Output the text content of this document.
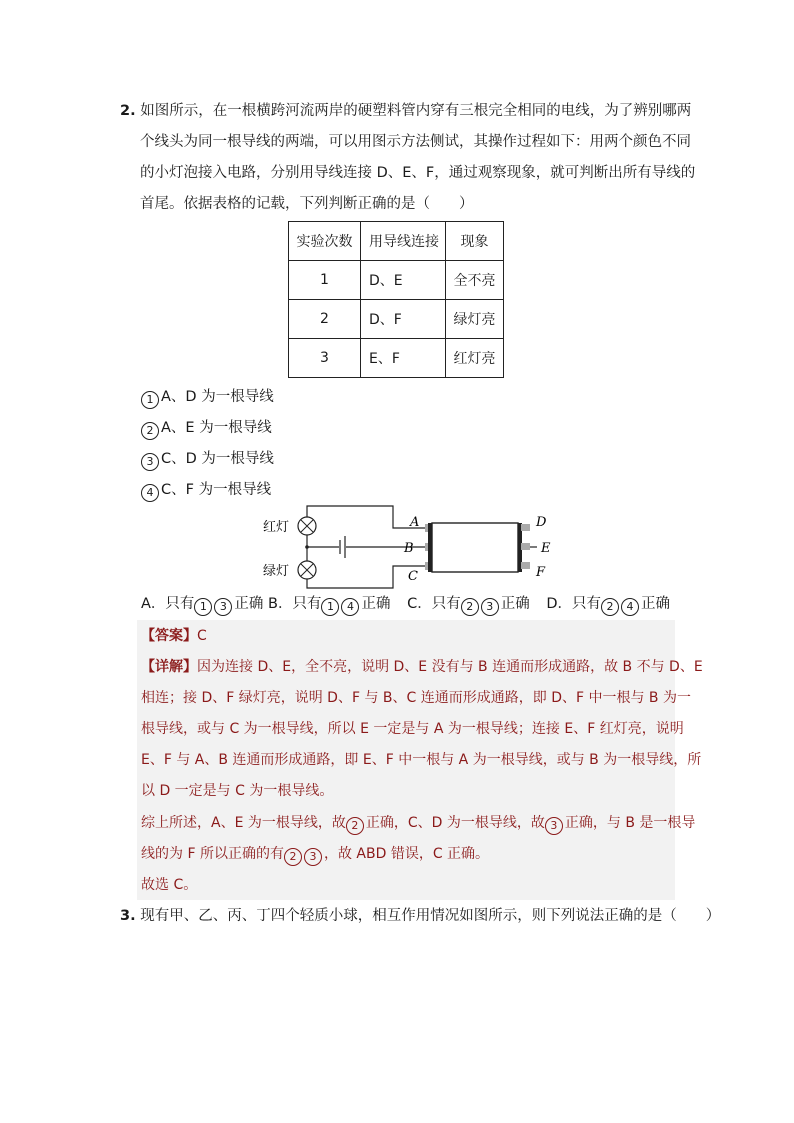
2. 如图所示，在一根横跨河流两岸的硬塑料管内穿有三根完全相同的电线，为了辨别哪两
个线头为同一根导线的两端，可以用图示方法侧试，其操作过程如下：用两个颜色不同
的小灯泡接入电路，分别用导线连接 D、E、F，通过观察现象，就可判断出所有导线的
首尾。依据表格的记载，下列判断正确的是（　　）
实验次数	用导线连接	现象
1	D、E	全不亮
2	D、F	绿灯亮
3	E、F	红灯亮
1 A、D 为一根导线
2 A、E 为一根导线
3 C、D 为一根导线
4 C、F 为一根导线
红灯
绿灯
A
B
C
D
E
F
A．只有 1 3 正确 B．只有 1 4 正确 C．只有 2 3 正确 D．只有 2 4 正确
【答案】C
【详解】因为连接 D、E，全不亮，说明 D、E 没有与 B 连通而形成通路，故 B 不与 D、E
相连；接 D、F 绿灯亮，说明 D、F 与 B、C 连通而形成通路，即 D、F 中一根与 B 为一
根导线，或与 C 为一根导线，所以 E 一定是与 A 为一根导线；连接 E、F 红灯亮，说明
E、F 与 A、B 连通而形成通路，即 E、F 中一根与 A 为一根导线，或与 B 为一根导线，所
以 D 一定是与 C 为一根导线。
综上所述，A、E 为一根导线，故 2 正确，C、D 为一根导线，故 3 正确，与 B 是一根导
线的为 F 所以正确的有 2 3 ，故 ABD 错误，C 正确。
故选 C。
3. 现有甲、乙、丙、丁四个轻质小球，相互作用情况如图所示，则下列说法正确的是（　　）
